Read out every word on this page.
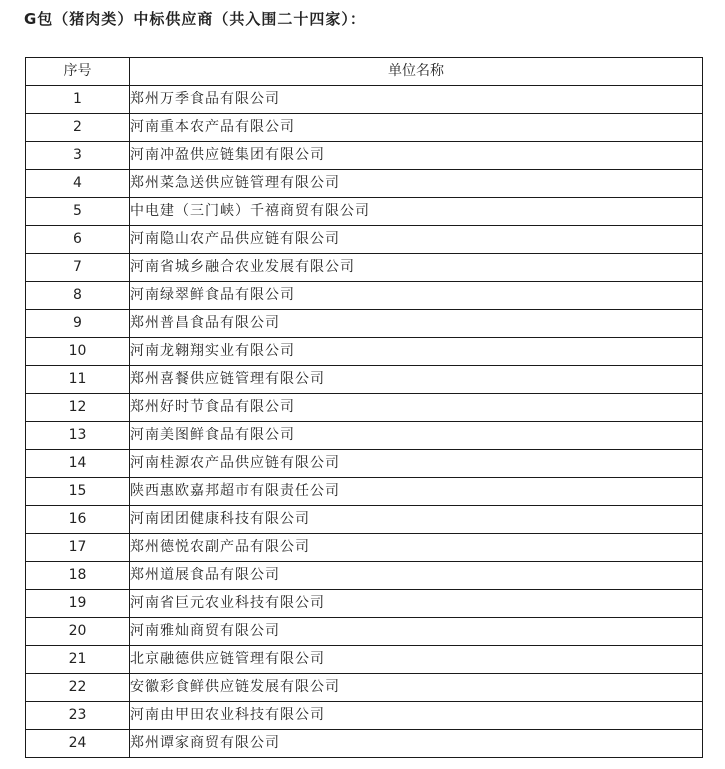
G包（猪肉类）中标供应商（共入围二十四家）：
序号	单位名称
1	郑州万季食品有限公司
2	河南重本农产品有限公司
3	河南冲盈供应链集团有限公司
4	郑州菜急送供应链管理有限公司
5	中电建（三门峡）千禧商贸有限公司
6	河南隐山农产品供应链有限公司
7	河南省城乡融合农业发展有限公司
8	河南绿翠鲜食品有限公司
9	郑州普昌食品有限公司
10	河南龙翱翔实业有限公司
11	郑州喜餐供应链管理有限公司
12	郑州好时节食品有限公司
13	河南美图鲜食品有限公司
14	河南桂源农产品供应链有限公司
15	陕西惠欧嘉邦超市有限责任公司
16	河南团团健康科技有限公司
17	郑州德悦农副产品有限公司
18	郑州道展食品有限公司
19	河南省巨元农业科技有限公司
20	河南雅灿商贸有限公司
21	北京融德供应链管理有限公司
22	安徽彩食鲜供应链发展有限公司
23	河南由甲田农业科技有限公司
24	郑州谭家商贸有限公司
